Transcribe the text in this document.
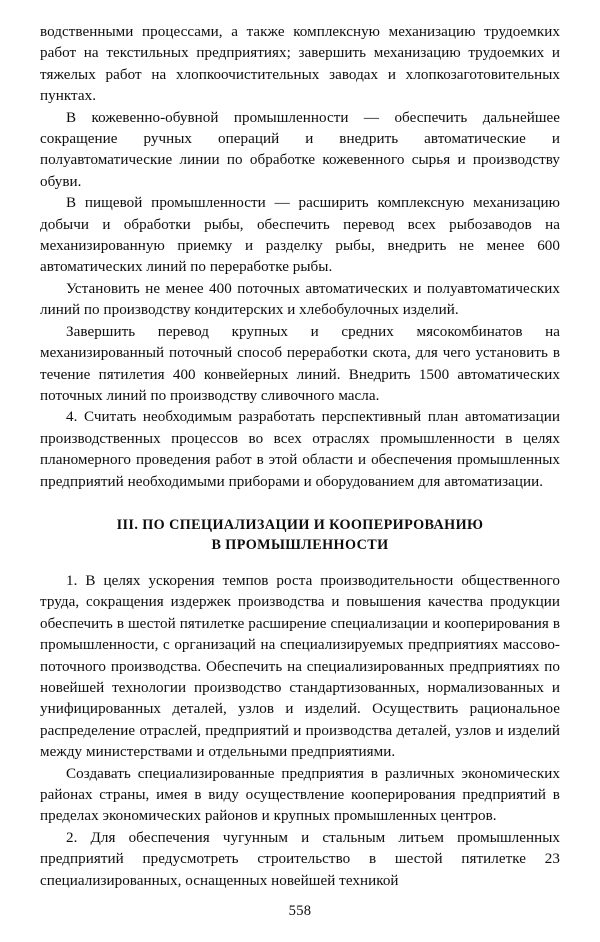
водственными процессами, а также комплексную механизацию трудоемких работ на текстильных предприятиях; завершить механизацию трудоемких и тяжелых работ на хлопкоочистительных заводах и хлопкозаготовительных пунктах.

В кожевенно-обувной промышленности — обеспечить дальнейшее сокращение ручных операций и внедрить автоматические и полуавтоматические линии по обработке кожевенного сырья и производству обуви.

В пищевой промышленности — расширить комплексную механизацию добычи и обработки рыбы, обеспечить перевод всех рыбозаводов на механизированную приемку и разделку рыбы, внедрить не менее 600 автоматических линий по переработке рыбы.

Установить не менее 400 поточных автоматических и полуавтоматических линий по производству кондитерских и хлебобулочных изделий.

Завершить перевод крупных и средних мясокомбинатов на механизированный поточный способ переработки скота, для чего установить в течение пятилетия 400 конвейерных линий. Внедрить 1500 автоматических поточных линий по производству сливочного масла.

4. Считать необходимым разработать перспективный план автоматизации производственных процессов во всех отраслях промышленности в целях планомерного проведения работ в этой области и обеспечения промышленных предприятий необходимыми приборами и оборудованием для автоматизации.

III. ПО СПЕЦИАЛИЗАЦИИ И КООПЕРИРОВАНИЮ
В ПРОМЫШЛЕННОСТИ

1. В целях ускорения темпов роста производительности общественного труда, сокращения издержек производства и повышения качества продукции обеспечить в шестой пятилетке расширение специализации и кооперирования в промышленности, с организаций на специализируемых предприятиях массово-поточного производства. Обеспечить на специализированных предприятиях по новейшей технологии производство стандартизованных, нормализованных и унифицированных деталей, узлов и изделий. Осуществить рациональное распределение отраслей, предприятий и производства деталей, узлов и изделий между министерствами и отдельными предприятиями.

Создавать специализированные предприятия в различных экономических районах страны, имея в виду осуществление кооперирования предприятий в пределах экономических районов и крупных промышленных центров.

2. Для обеспечения чугунным и стальным литьем промышленных предприятий предусмотреть строительство в шестой пятилетке 23 специализированных, оснащенных новейшей техникой

558
